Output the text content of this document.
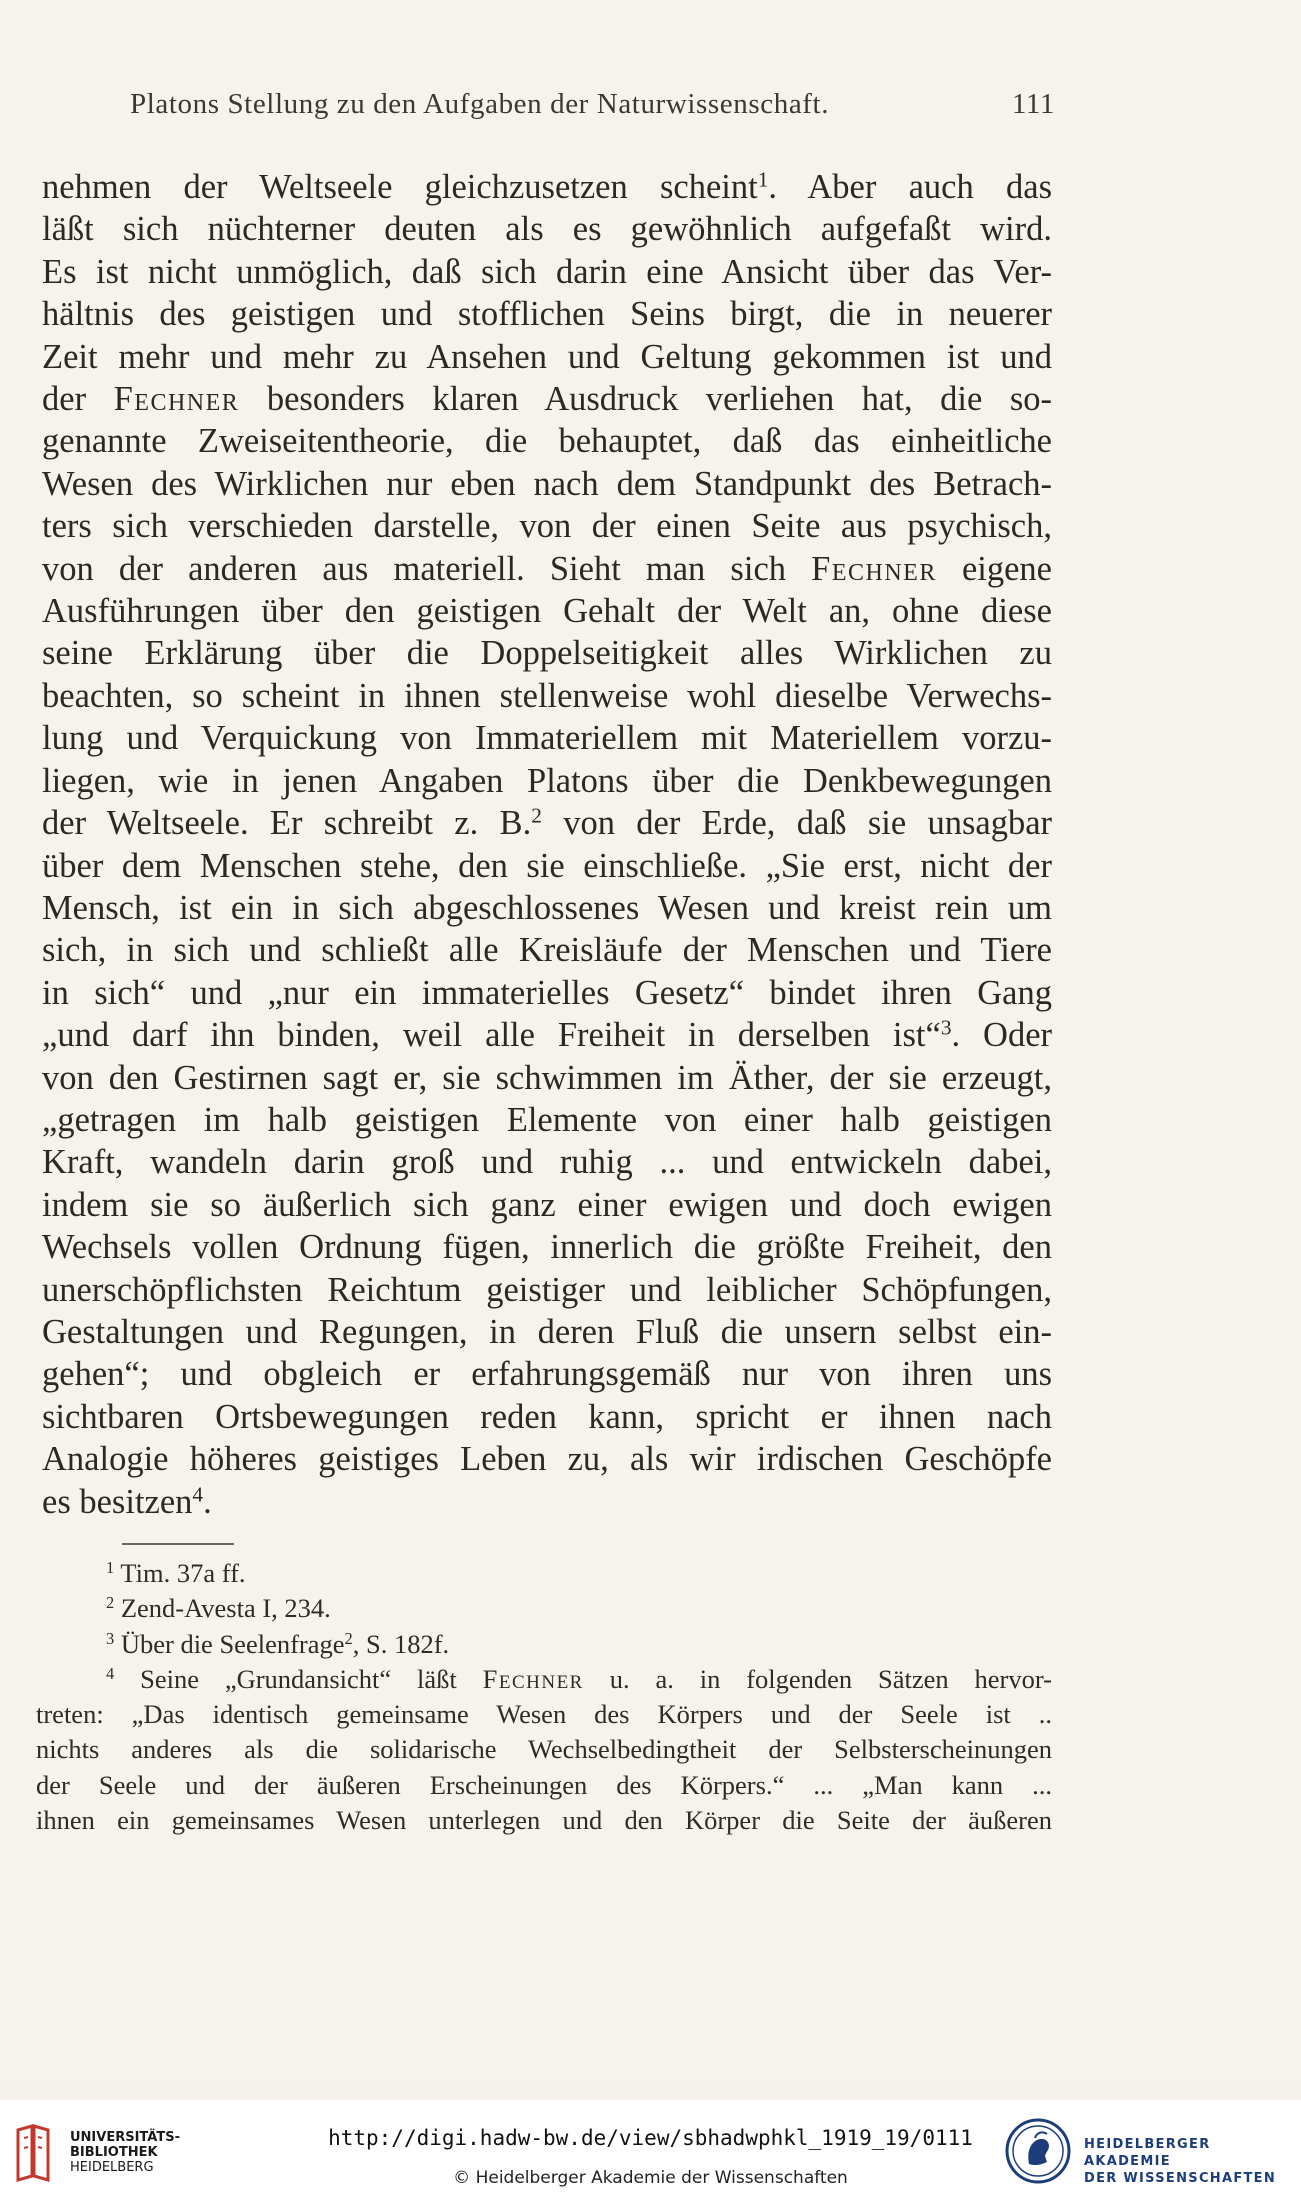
Platons Stellung zu den Aufgaben der Naturwissenschaft.	111
nehmen der Weltseele gleichzusetzen scheint$^1$. Aber auch das
läßt sich nüchterner deuten als es gewöhnlich aufgefaßt wird.
Es ist nicht unmöglich, daß sich darin eine Ansicht über das Ver-
hältnis des geistigen und stofflichen Seins birgt, die in neuerer
Zeit mehr und mehr zu Ansehen und Geltung gekommen ist und
der Fechner besonders klaren Ausdruck verliehen hat, die so-
genannte Zweiseitentheorie, die behauptet, daß das einheitliche
Wesen des Wirklichen nur eben nach dem Standpunkt des Betrach-
ters sich verschieden darstelle, von der einen Seite aus psychisch,
von der anderen aus materiell. Sieht man sich Fechner eigene
Ausführungen über den geistigen Gehalt der Welt an, ohne diese
seine Erklärung über die Doppelseitigkeit alles Wirklichen zu
beachten, so scheint in ihnen stellenweise wohl dieselbe Verwechs-
lung und Verquickung von Immateriellem mit Materiellem vorzu-
liegen, wie in jenen Angaben Platons über die Denkbewegungen
der Weltseele. Er schreibt z. B.$^2$ von der Erde, daß sie unsagbar
über dem Menschen stehe, den sie einschließe. „Sie erst, nicht der
Mensch, ist ein in sich abgeschlossenes Wesen und kreist rein um
sich, in sich und schließt alle Kreisläufe der Menschen und Tiere
in sich“ und „nur ein immaterielles Gesetz“ bindet ihren Gang
„und darf ihn binden, weil alle Freiheit in derselben ist“$^3$. Oder
von den Gestirnen sagt er, sie schwimmen im Äther, der sie erzeugt,
„getragen im halb geistigen Elemente von einer halb geistigen
Kraft, wandeln darin groß und ruhig ... und entwickeln dabei,
indem sie so äußerlich sich ganz einer ewigen und doch ewigen
Wechsels vollen Ordnung fügen, innerlich die größte Freiheit, den
unerschöpflichsten Reichtum geistiger und leiblicher Schöpfungen,
Gestaltungen und Regungen, in deren Fluß die unsern selbst ein-
gehen“; und obgleich er erfahrungsgemäß nur von ihren uns
sichtbaren Ortsbewegungen reden kann, spricht er ihnen nach
Analogie höheres geistiges Leben zu, als wir irdischen Geschöpfe
es besitzen$^4$.
$^1$ Tim. 37a ff.
$^2$ Zend-Avesta I, 234.
$^3$ Über die Seelenfrage$^2$, S. 182f.
$^4$ Seine „Grundansicht“ läßt Fechner u. a. in folgenden Sätzen hervor-
treten: „Das identisch gemeinsame Wesen des Körpers und der Seele ist ..
nichts anderes als die solidarische Wechselbedingtheit der Selbsterscheinungen
der Seele und der äußeren Erscheinungen des Körpers.“ ... „Man kann ...
ihnen ein gemeinsames Wesen unterlegen und den Körper die Seite der äußeren
UNIVERSITÄTS-
BIBLIOTHEK
HEIDELBERG
http://digi.hadw-bw.de/view/sbhadwphkl_1919_19/0111
© Heidelberger Akademie der Wissenschaften
HEIDELBERGER AKADEMIE
DER WISSENSCHAFTEN
